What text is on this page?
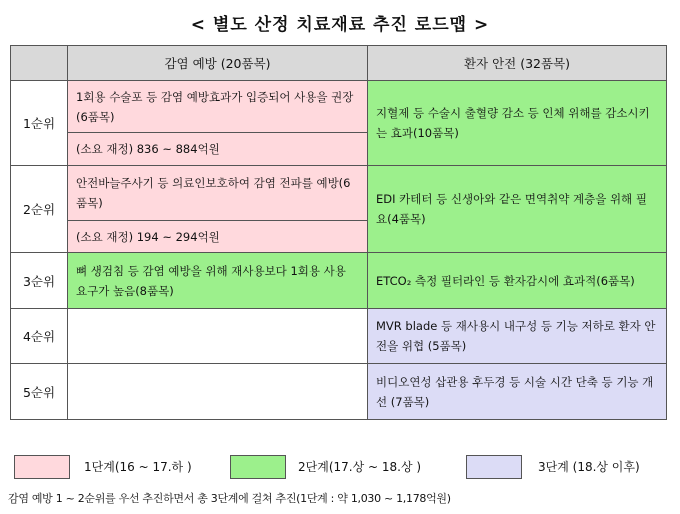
< 별도 산정 치료재료 추진 로드맵 >
	감염 예방 (20품목)	환자 안전 (32품목)
1순위	1회용 수술포 등 감염 예방효과가 입증되어 사용을 권장(6품목)	지혈제 등 수술시 출혈량 감소 등 인체 위해를 감소시키는 효과(10품목)

	(소요 재정) 836 ~ 884억원	

2순위	안전바늘주사기 등 의료인보호하여 감염 전파를 예방(6품목)	EDI 카테터 등 신생아와 같은 면역취약 계층을 위해 필요(4품목)

	(소요 재정) 194 ~ 294억원	

3순위	뼈 생검침 등 감염 예방을 위해 재사용보다 1회용 사용 요구가 높음(8품목)	ETCO₂ 측정 필터라인 등 환자감시에 효과적(6품목)

4순위		MVR blade 등 재사용시 내구성 등 기능 저하로 환자 안전을 위협 (5품목)

5순위		비디오연성 삽관용 후두경 등 시술 시간 단축 등 기능 개선 (7품목)
1단계(16 ~ 17.하 )	2단계(17.상 ~ 18.상 )	3단계 (18.상 이후)
감염 예방 1 ~ 2순위를 우선 추진하면서 총 3단계에 걸쳐 추진(1단계 : 약 1,030 ~ 1,178억원)
